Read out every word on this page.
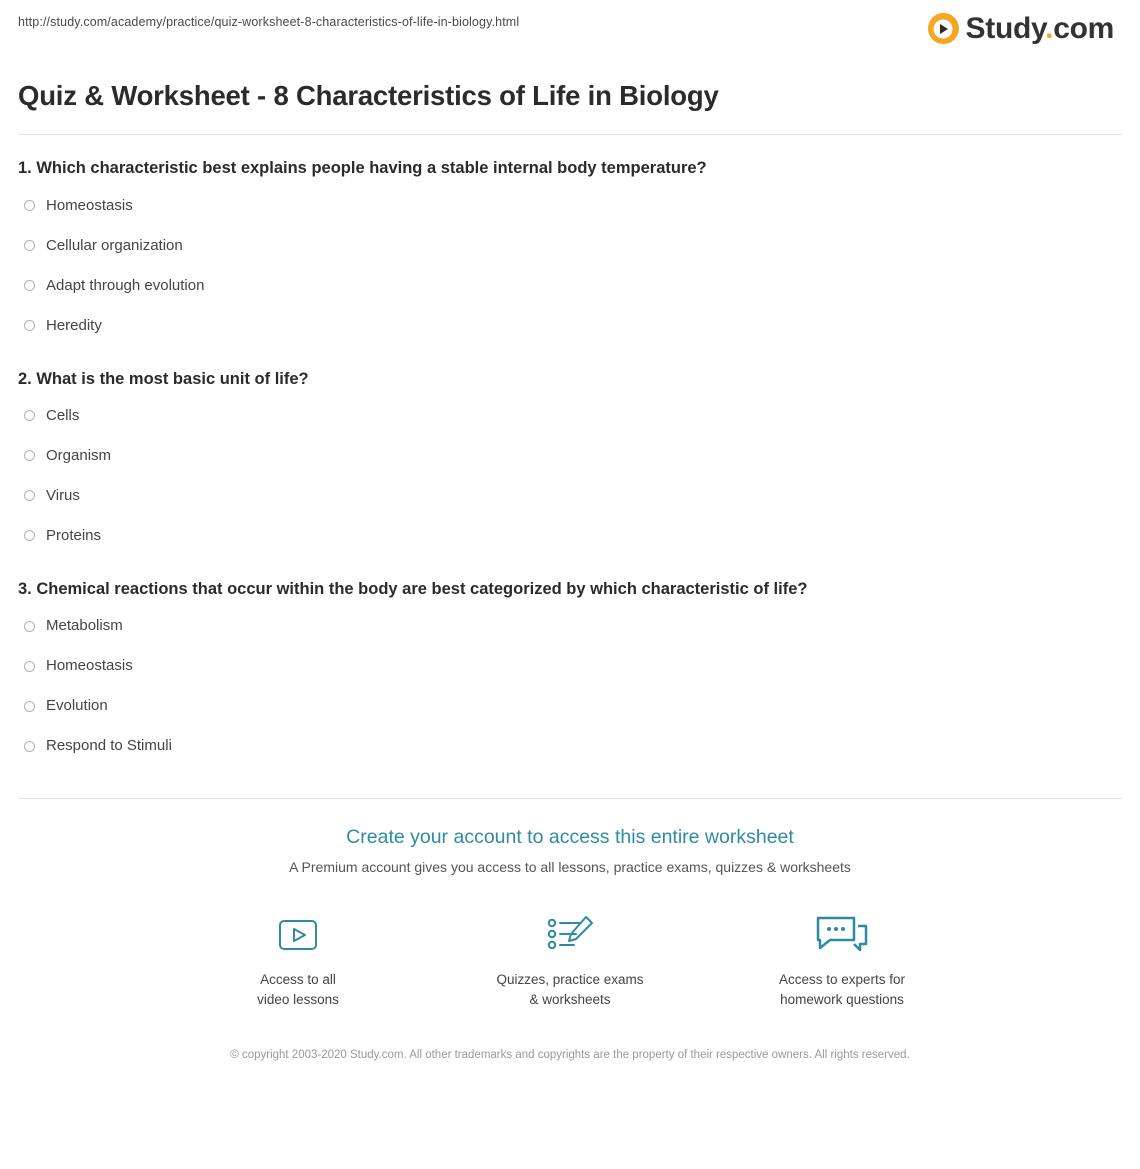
http://study.com/academy/practice/quiz-worksheet-8-characteristics-of-life-in-biology.html	Study.com
Quiz & Worksheet - 8 Characteristics of Life in Biology
1. Which characteristic best explains people having a stable internal body temperature?
Homeostasis
Cellular organization
Adapt through evolution
Heredity
2. What is the most basic unit of life?
Cells
Organism
Virus
Proteins
3. Chemical reactions that occur within the body are best categorized by which characteristic of life?
Metabolism
Homeostasis
Evolution
Respond to Stimuli
Create your account to access this entire worksheet
A Premium account gives you access to all lessons, practice exams, quizzes & worksheets
Access to all
video lessons
Quizzes, practice exams
& worksheets
Access to experts for
homework questions
© copyright 2003-2020 Study.com. All other trademarks and copyrights are the property of their respective owners. All rights reserved.
